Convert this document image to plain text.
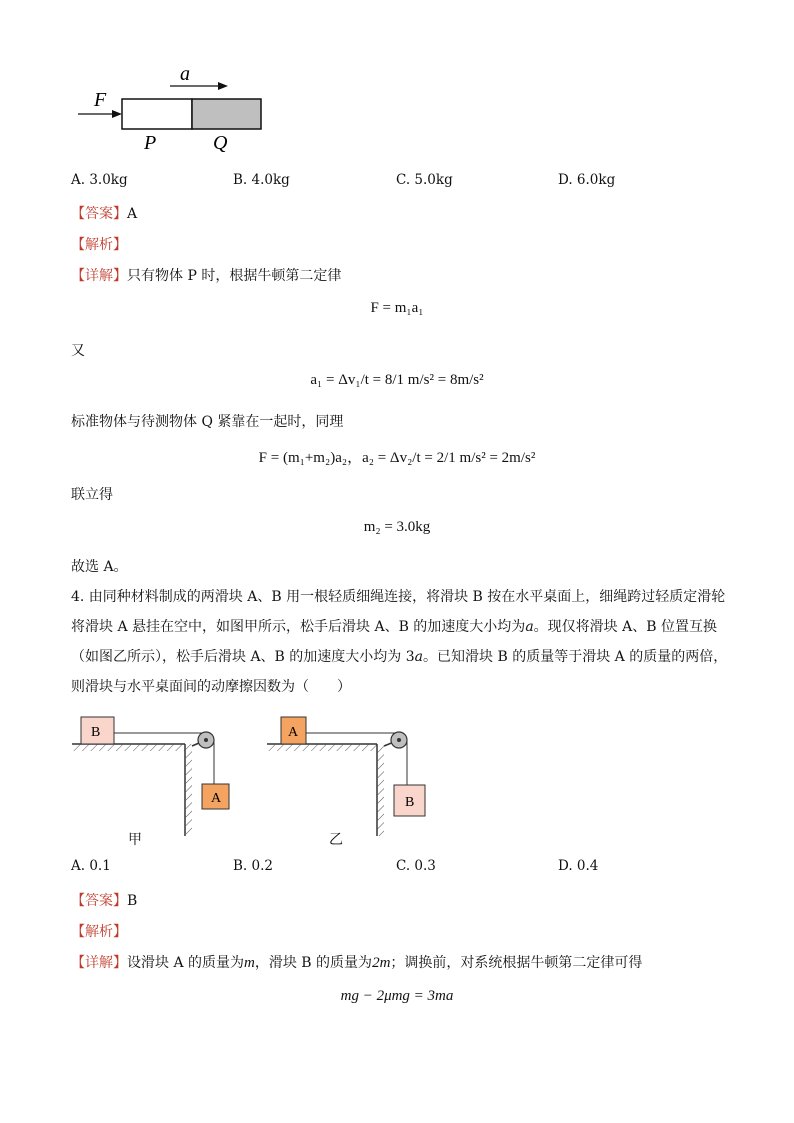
a
F
P	Q
A. 3.0kg	B. 4.0kg	C. 5.0kg	D. 6.0kg
【答案】A
【解析】
【详解】只有物体 P 时，根据牛顿第二定律
F = m₁a₁
又
a₁ = Δv₁/t = 8/1 m/s² = 8m/s²
标准物体与待测物体 Q 紧靠在一起时，同理
F = (m₁+m₂)a₂，a₂ = Δv₂/t = 2/1 m/s² = 2m/s²
联立得
m₂ = 3.0kg
故选 A。
4. 由同种材料制成的两滑块 A、B 用一根轻质细绳连接，将滑块 B 按在水平桌面上，细绳跨过轻质定滑轮
将滑块 A 悬挂在空中，如图甲所示，松手后滑块 A、B 的加速度大小均为a。现仅将滑块 A、B 位置互换
（如图乙所示），松手后滑块 A、B 的加速度大小均为 3a。已知滑块 B 的质量等于滑块 A 的质量的两倍，
则滑块与水平桌面间的动摩擦因数为（　　）
B
A
甲
A
B
乙
A. 0.1	B. 0.2	C. 0.3	D. 0.4
【答案】B
【解析】
【详解】设滑块 A 的质量为m，滑块 B 的质量为2m；调换前，对系统根据牛顿第二定律可得
mg − 2μmg = 3ma
